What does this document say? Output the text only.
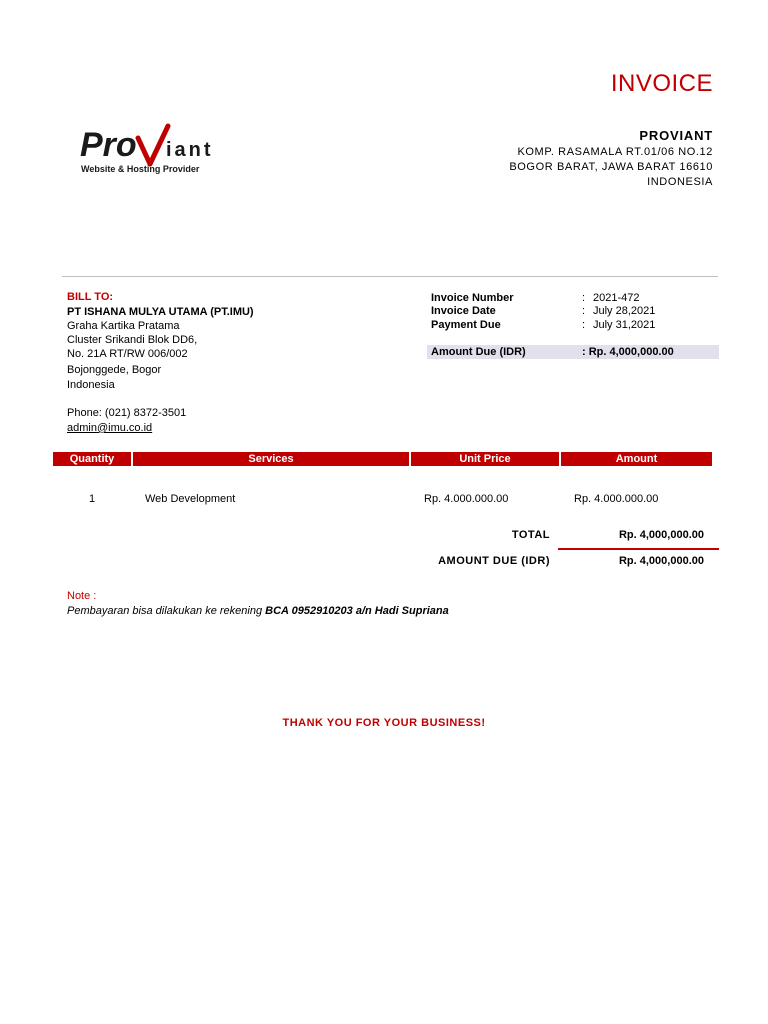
INVOICE
PROVIANT
KOMP. RASAMALA RT.01/06 NO.12
BOGOR BARAT, JAWA BARAT 16610
INDONESIA
Pro iant
Website & Hosting Provider
BILL TO:
PT ISHANA MULYA UTAMA (PT.IMU)
Graha Kartika Pratama
Cluster Srikandi Blok DD6,
No. 21A RT/RW 006/002
Bojonggede, Bogor
Indonesia
Phone: (021) 8372-3501
admin@imu.co.id
Invoice Number	: 2021-472
Invoice Date	: July 28,2021
Payment Due	: July 31,2021
Amount Due (IDR)	: Rp. 4,000,000.00
Quantity	Services	Unit Price	Amount
1	Web Development	Rp. 4.000.000.00	Rp. 4.000.000.00
TOTAL	Rp. 4,000,000.00
AMOUNT DUE (IDR)	Rp. 4,000,000.00
Note :
Pembayaran bisa dilakukan ke rekening BCA 0952910203 a/n Hadi Supriana
THANK YOU FOR YOUR BUSINESS!
